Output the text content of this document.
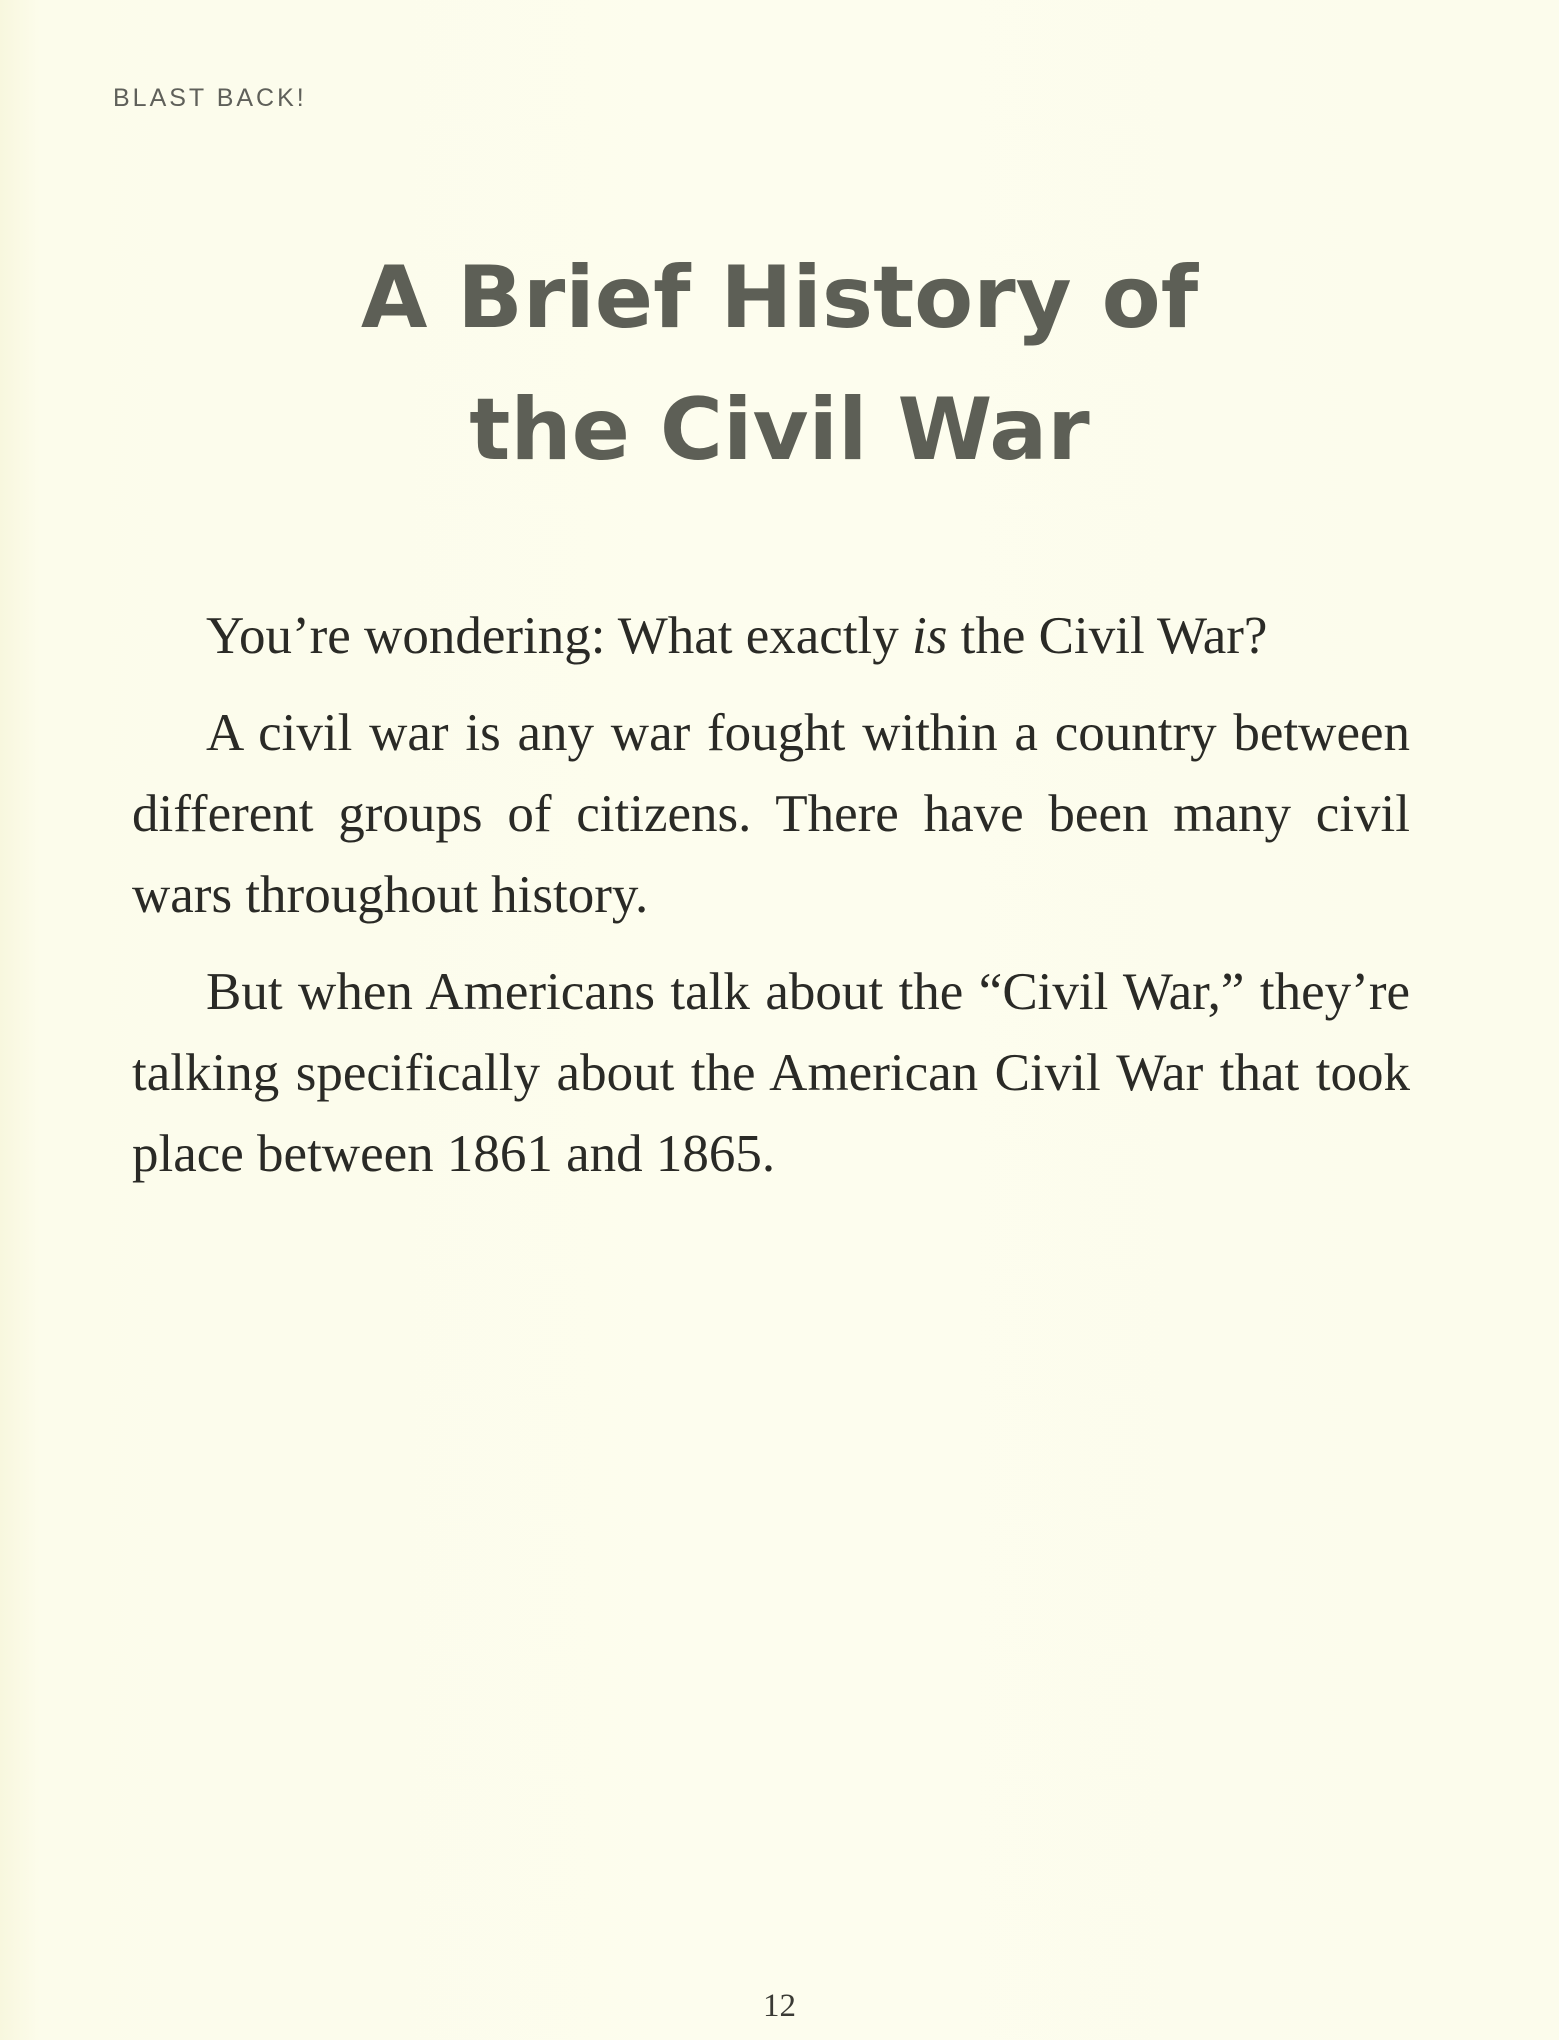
BLAST BACK!
A Brief History of
the Civil War

You’re wondering: What exactly is the Civil War?

A civil war is any war fought within a country between different groups of citizens. There have been many civil wars throughout history.

But when Americans talk about the “Civil War,” they’re talking specifically about the American Civil War that took place between 1861 and 1865.

12
